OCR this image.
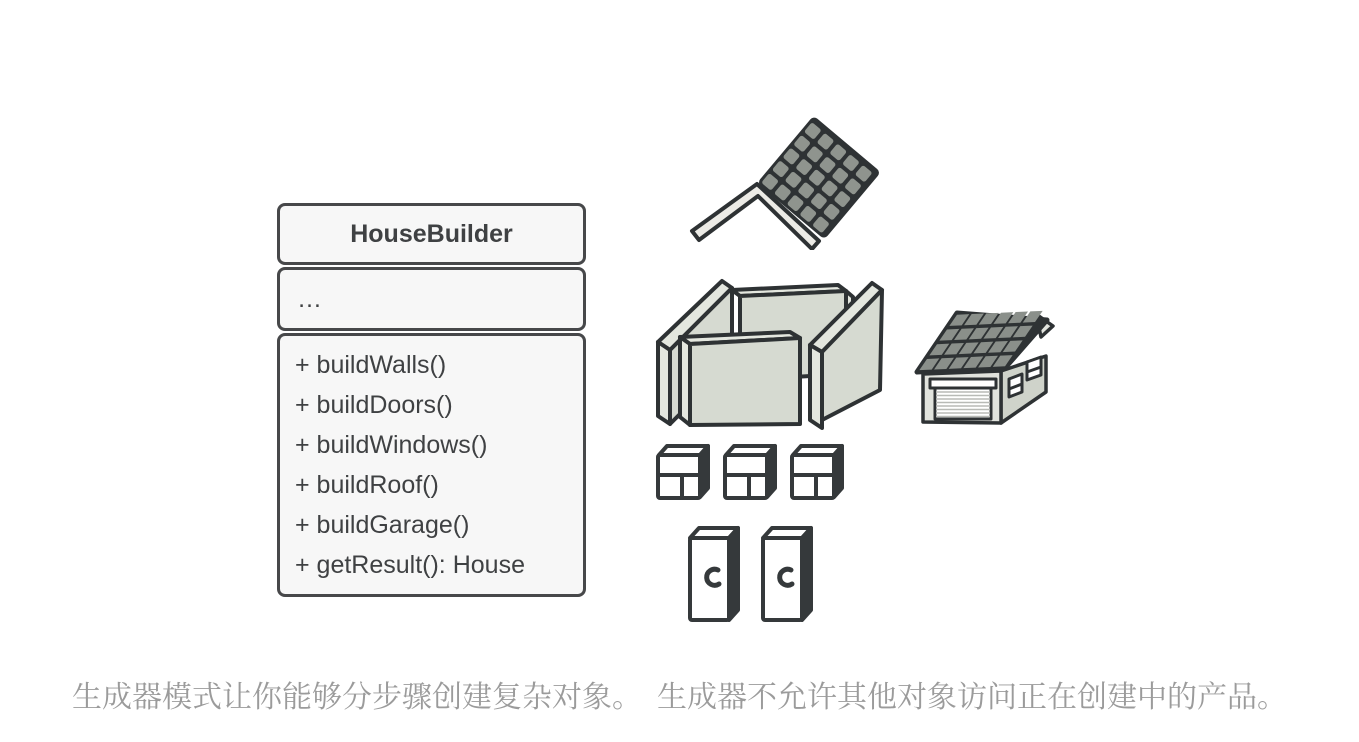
HouseBuilder
…
+ buildWalls()
+ buildDoors()
+ buildWindows()
+ buildRoof()
+ buildGarage()
+ getResult(): House
生成器模式让你能够分步骤创建复杂对象。　生成器不允许其他对象访问正在创建中的产品。
